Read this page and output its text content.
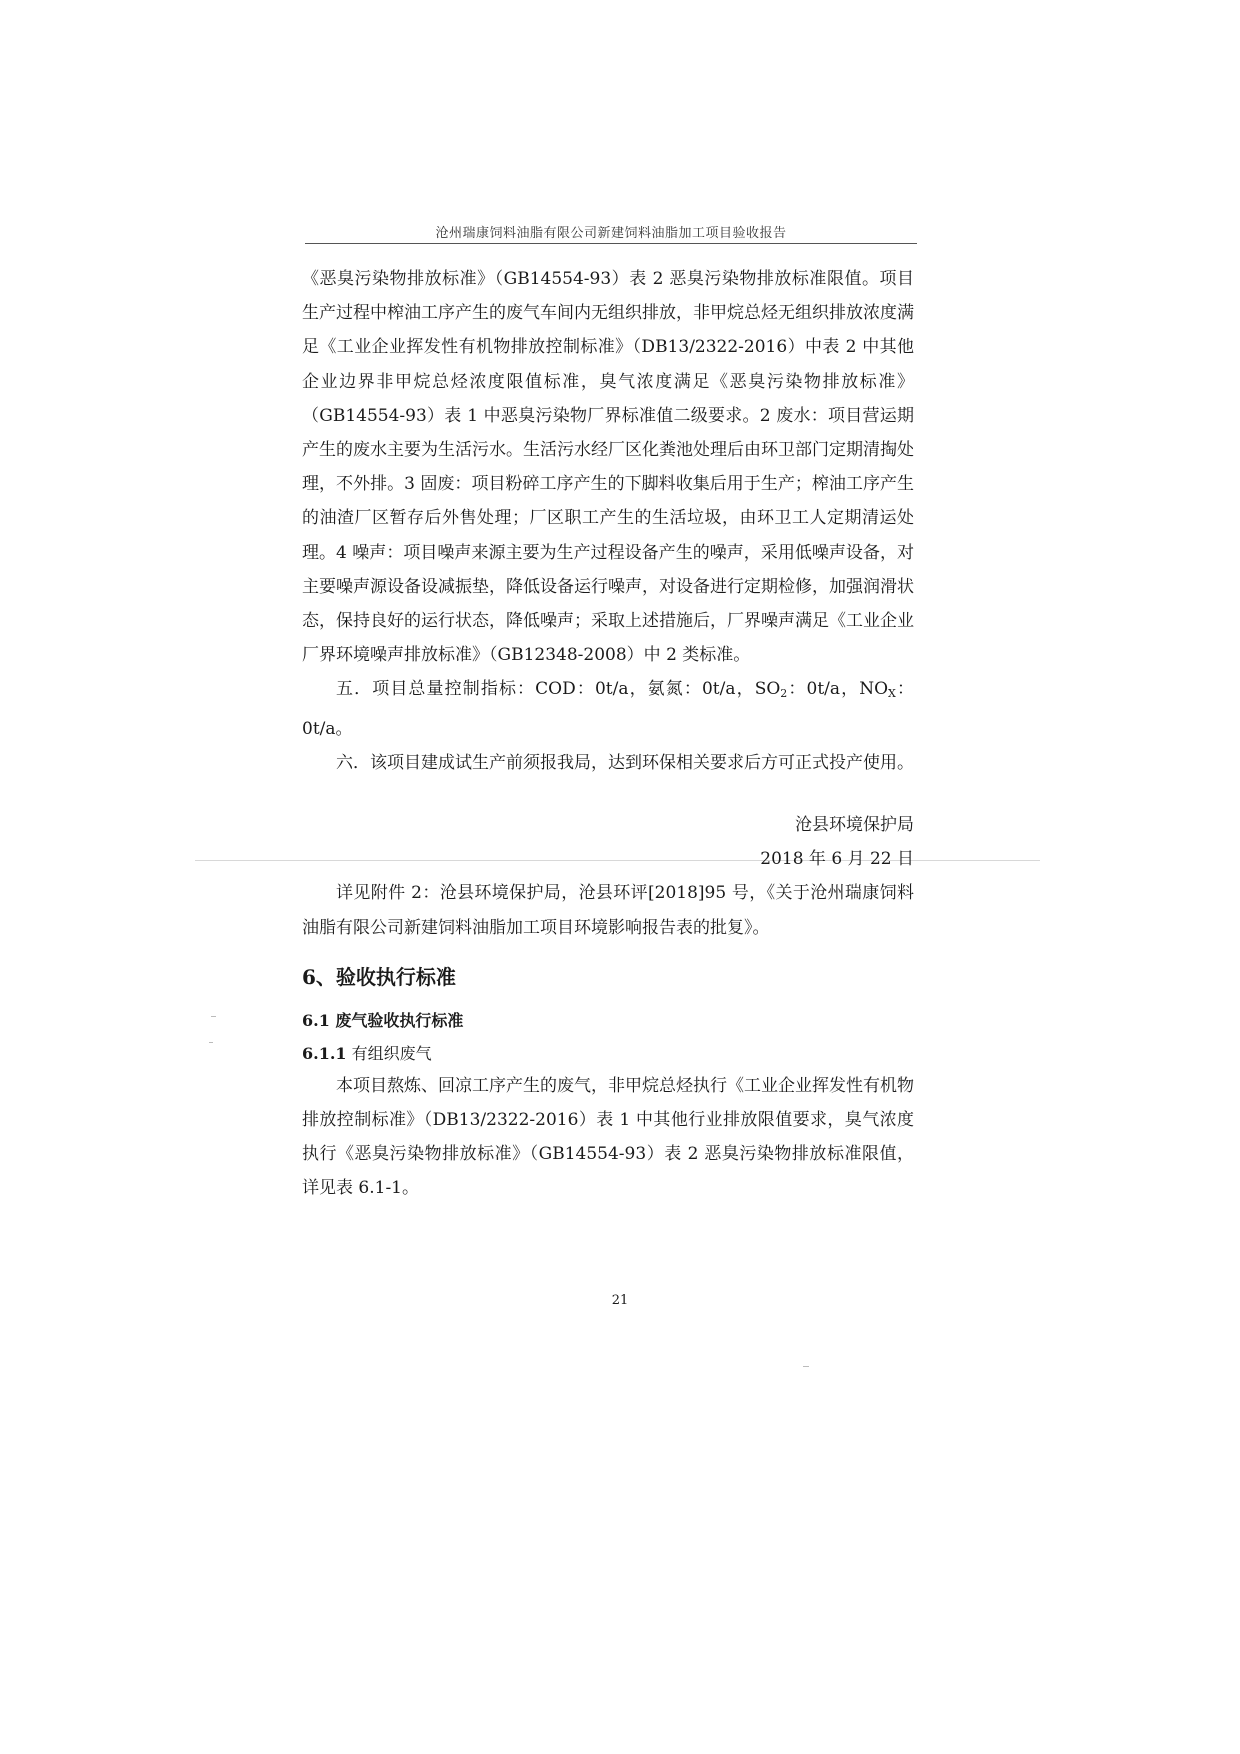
沧州瑞康饲料油脂有限公司新建饲料油脂加工项目验收报告

《恶臭污染物排放标准》（GB14554-93）表 2 恶臭污染物排放标准限值。项目生产过程中榨油工序产生的废气车间内无组织排放，非甲烷总烃无组织排放浓度满足《工业企业挥发性有机物排放控制标准》（DB13/2322-2016）中表 2 中其他企业边界非甲烷总烃浓度限值标准，臭气浓度满足《恶臭污染物排放标准》（GB14554-93）表 1 中恶臭污染物厂界标准值二级要求。2 废水：项目营运期产生的废水主要为生活污水。生活污水经厂区化粪池处理后由环卫部门定期清掏处理，不外排。3 固废：项目粉碎工序产生的下脚料收集后用于生产；榨油工序产生的油渣厂区暂存后外售处理；厂区职工产生的生活垃圾，由环卫工人定期清运处理。4 噪声：项目噪声来源主要为生产过程设备产生的噪声，采用低噪声设备，对主要噪声源设备设减振垫，降低设备运行噪声，对设备进行定期检修，加强润滑状态，保持良好的运行状态，降低噪声；采取上述措施后，厂界噪声满足《工业企业厂界环境噪声排放标准》（GB12348-2008）中 2 类标准。

五．项目总量控制指标：COD：0t/a，氨氮：0t/a，$SO_2$：0t/a，$NO_X$：0t/a。

六．该项目建成试生产前须报我局，达到环保相关要求后方可正式投产使用。

沧县环境保护局

2018 年 6 月 22 日

详见附件 2：沧县环境保护局，沧县环评[2018]95 号，《关于沧州瑞康饲料油脂有限公司新建饲料油脂加工项目环境影响报告表的批复》。

6、验收执行标准
6.1 废气验收执行标准
6.1.1 有组织废气

本项目熬炼、回凉工序产生的废气，非甲烷总烃执行《工业企业挥发性有机物排放控制标准》（DB13/2322-2016）表 1 中其他行业排放限值要求，臭气浓度执行《恶臭污染物排放标准》（GB14554-93）表 2 恶臭污染物排放标准限值，详见表 6.1-1。

21
